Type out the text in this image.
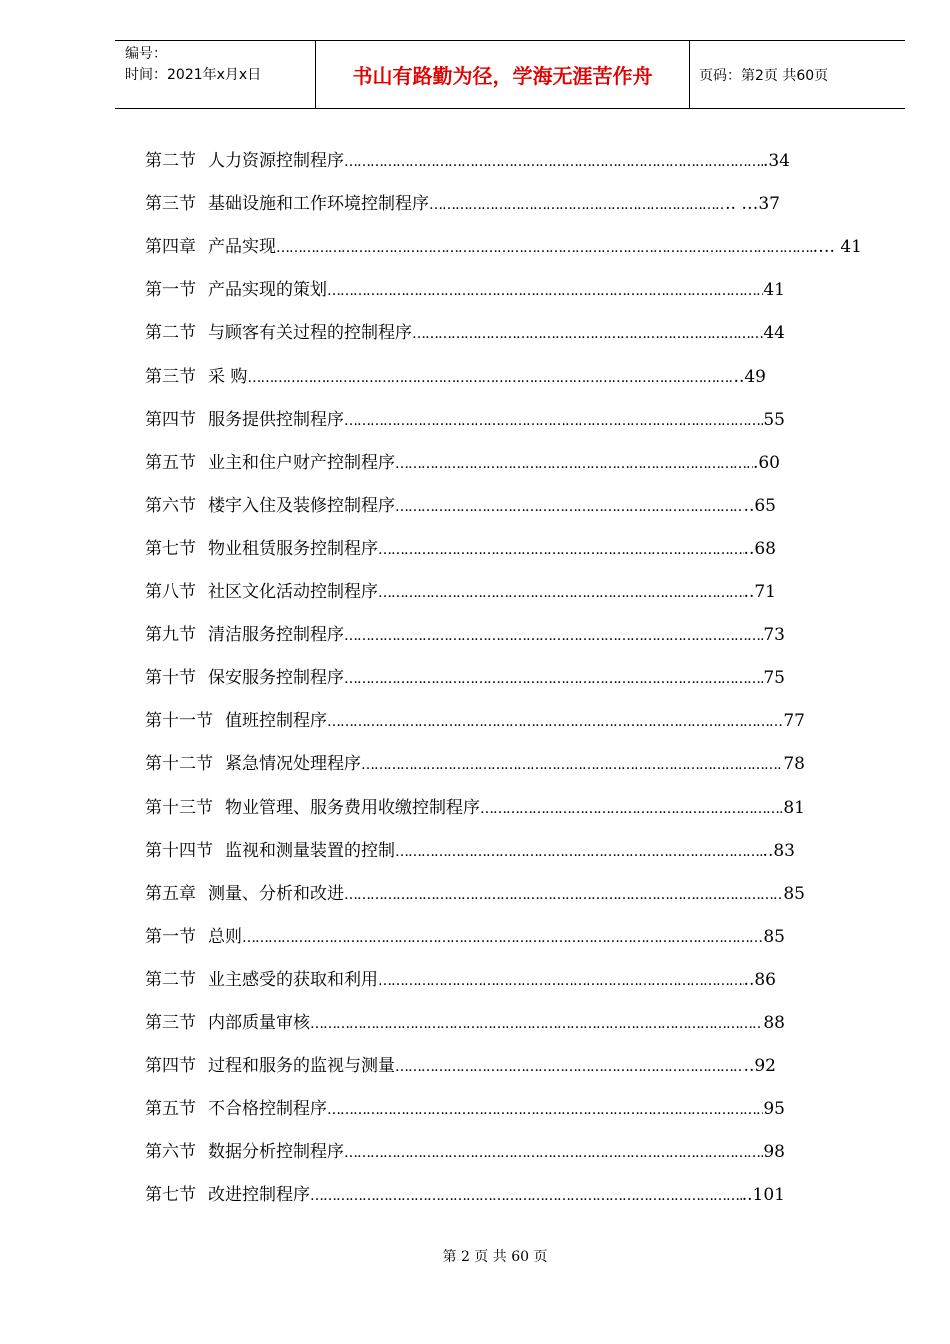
编号：
时间：2021年x月x日	书山有路勤为径，学海无涯苦作舟	页码：第2页 共60页
第二节 人力资源控制程序 ……………………………………………………………………………………………………………………………………	.34
第三节 基础设施和工作环境控制程序 ……………………………………………………………………………………………………………………………………	.. …37
第四章 产品实现 ……………………………………………………………………………………………………………………………………	…. 41
第一节 产品实现的策划 ……………………………………………………………………………………………………………………………………	41
第二节 与顾客有关过程的控制程序 ……………………………………………………………………………………………………………………………………	44
第三节 采 购 ……………………………………………………………………………………………………………………………………	..49
第四节 服务提供控制程序 ……………………………………………………………………………………………………………………………………	55
第五节 业主和住户财产控制程序 ……………………………………………………………………………………………………………………………………	.60
第六节 楼宇入住及装修控制程序 ……………………………………………………………………………………………………………………………………	..65
第七节 物业租赁服务控制程序 ……………………………………………………………………………………………………………………………………	..68
第八节 社区文化活动控制程序 ……………………………………………………………………………………………………………………………………	..71
第九节 清洁服务控制程序 ……………………………………………………………………………………………………………………………………	73
第十节 保安服务控制程序 ……………………………………………………………………………………………………………………………………	75
第十一节 值班控制程序 ……………………………………………………………………………………………………………………………………	77
第十二节 紧急情况处理程序 ……………………………………………………………………………………………………………………………………	78
第十三节 物业管理、服务费用收缴控制程序 ……………………………………………………………………………………………………………………………………	81
第十四节 监视和测量装置的控制 ……………………………………………………………………………………………………………………………………	..83
第五章 测量、分析和改进 ……………………………………………………………………………………………………………………………………	85
第一节 总则 ……………………………………………………………………………………………………………………………………	85
第二节 业主感受的获取和利用 ……………………………………………………………………………………………………………………………………	..86
第三节 内部质量审核 ……………………………………………………………………………………………………………………………………	88
第四节 过程和服务的监视与测量 ……………………………………………………………………………………………………………………………………	..92
第五节 不合格控制程序 ……………………………………………………………………………………………………………………………………	95
第六节 数据分析控制程序 ……………………………………………………………………………………………………………………………………	98
第七节 改进控制程序 ……………………………………………………………………………………………………………………………………	..101
第 2 页 共 60 页
